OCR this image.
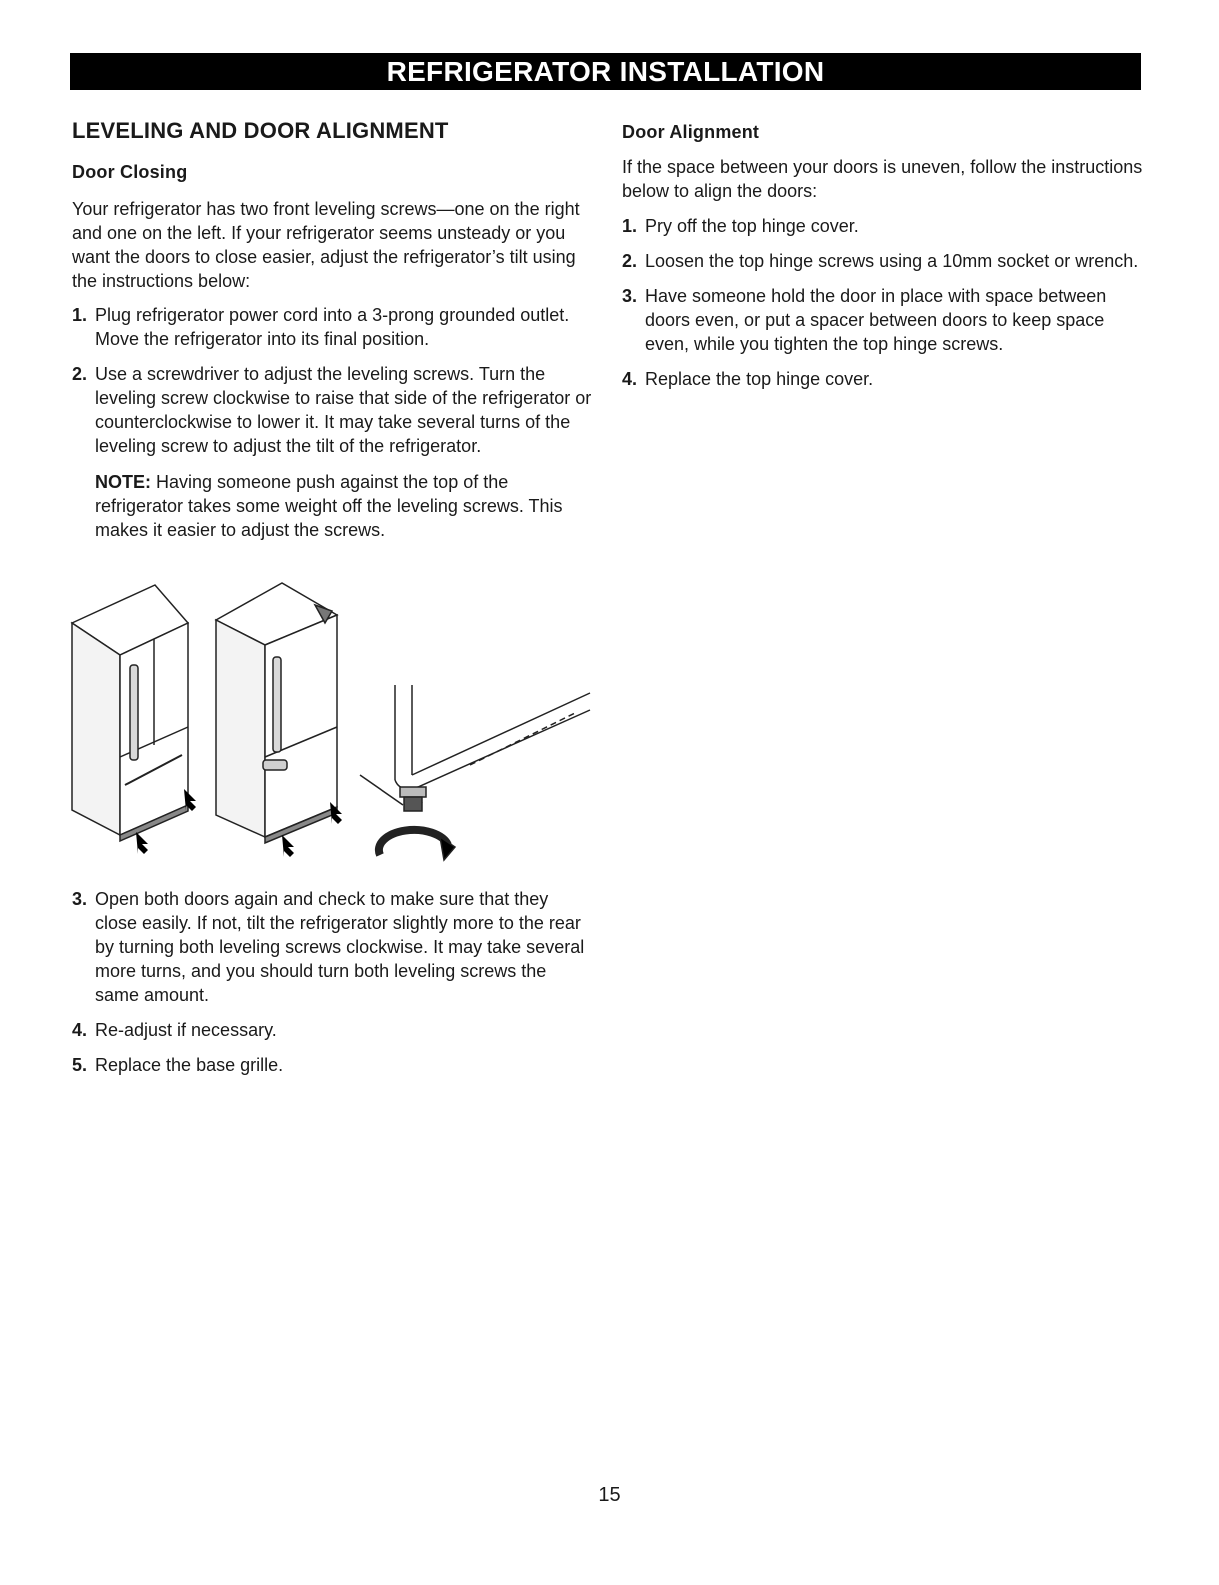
REFRIGERATOR INSTALLATION
LEVELING AND DOOR ALIGNMENT
Door Closing

Your refrigerator has two front leveling screws—one on the right and one on the left. If your refrigerator seems unsteady or you want the doors to close easier, adjust the refrigerator’s tilt using the instructions below:

1. Plug refrigerator power cord into a 3-prong grounded outlet. Move the refrigerator into its final position.
2. Use a screwdriver to adjust the leveling screws. Turn the leveling screw clockwise to raise that side of the refrigerator or counterclockwise to lower it. It may take several turns of the leveling screw to adjust the tilt of the refrigerator.
NOTE: Having someone push against the top of the refrigerator takes some weight off the leveling screws. This makes it easier to adjust the screws.
3. Open both doors again and check to make sure that they close easily. If not, tilt the refrigerator slightly more to the rear by turning both leveling screws clockwise. It may take several more turns, and you should turn both leveling screws the same amount.
4. Re-adjust if necessary.
5. Replace the base grille.
Door Alignment

If the space between your doors is uneven, follow the instructions below to align the doors:

1. Pry off the top hinge cover.
2. Loosen the top hinge screws using a 10mm socket or wrench.
3. Have someone hold the door in place with space between doors even, or put a spacer between doors to keep space even, while you tighten the top hinge screws.
4. Replace the top hinge cover.
15
